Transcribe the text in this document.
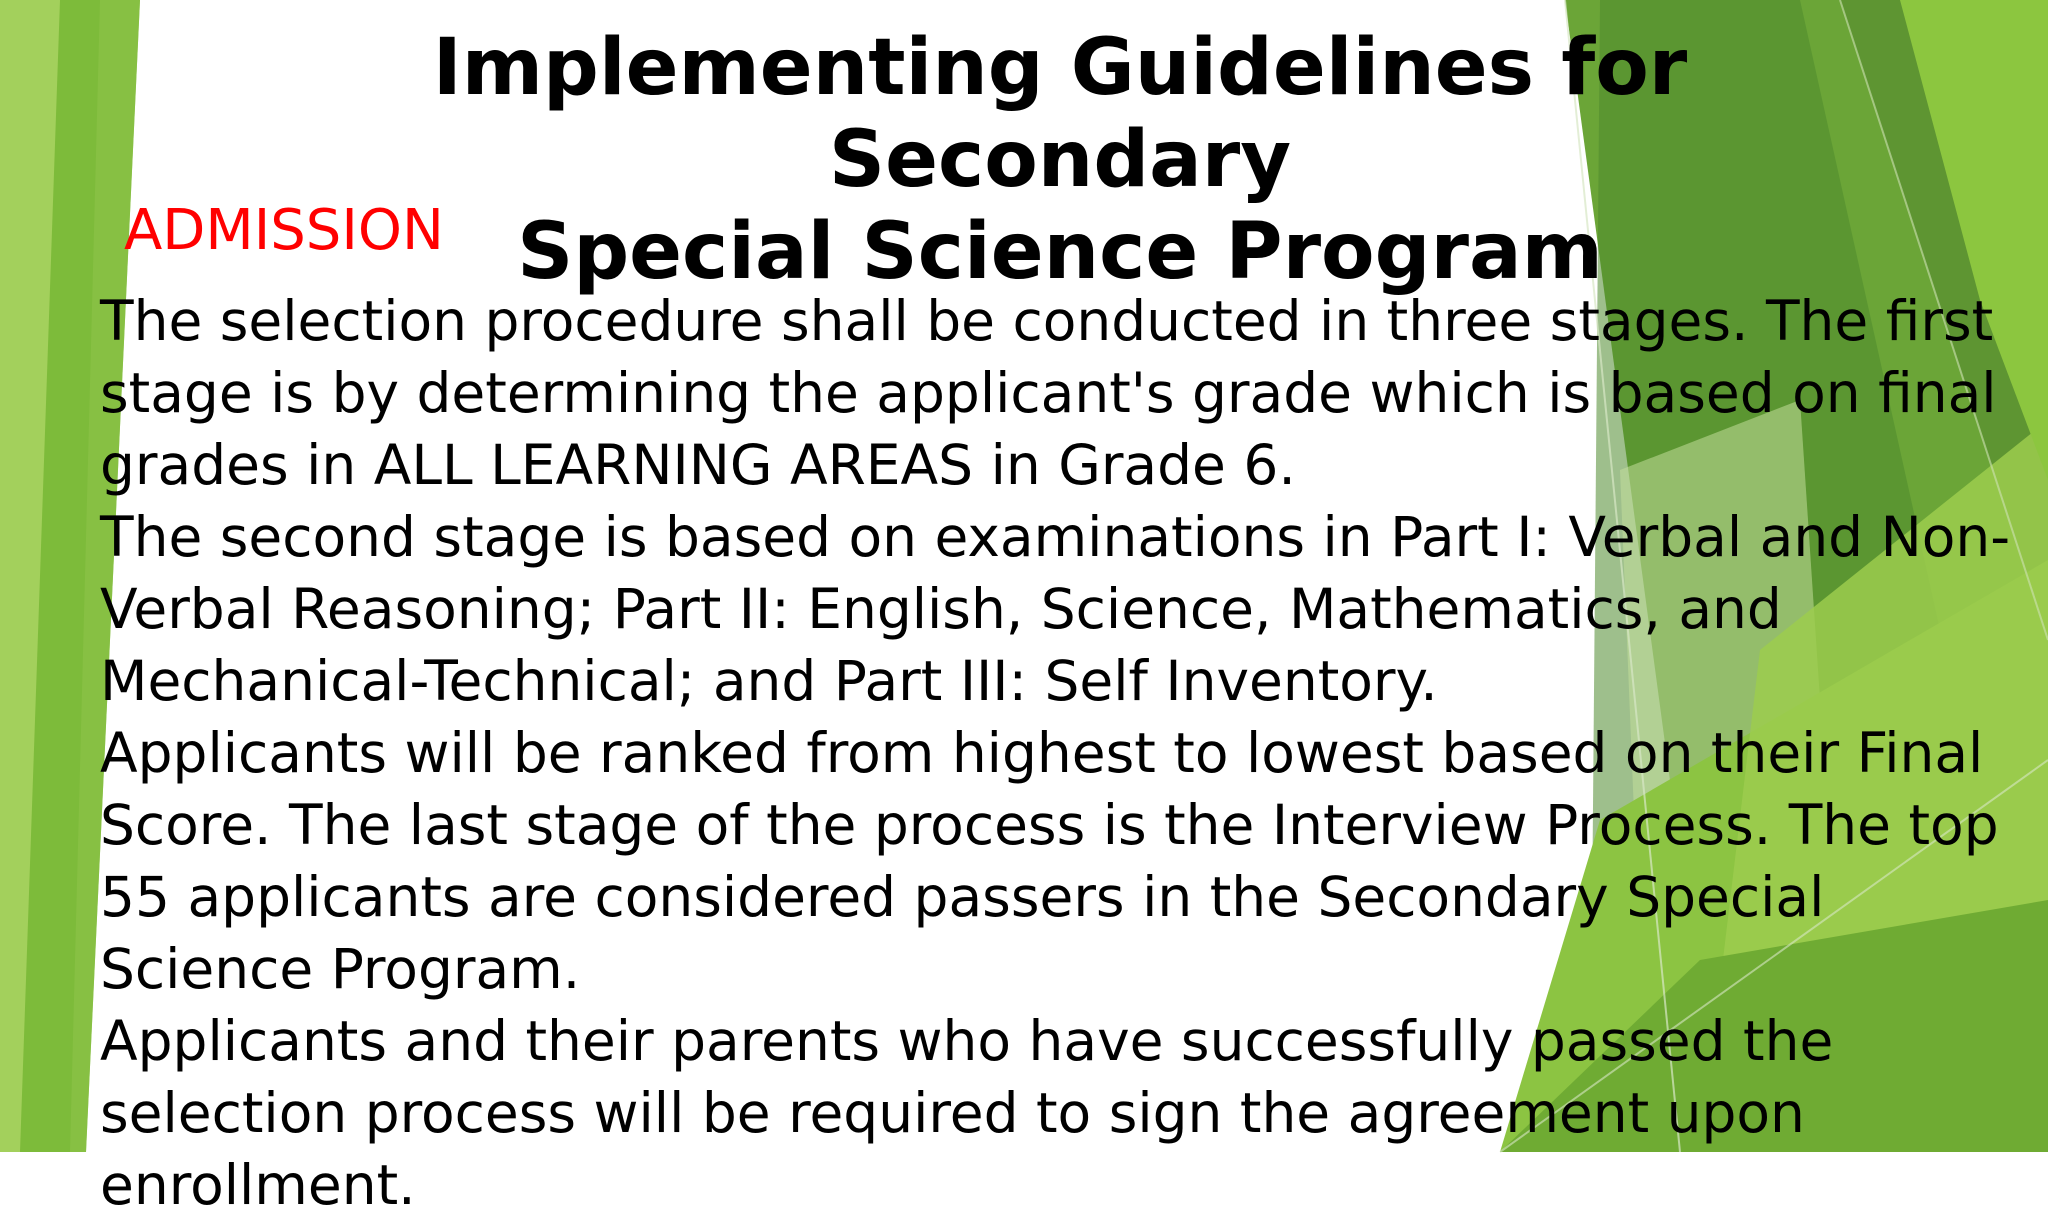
Implementing Guidelines for Secondary
Special Science Program
ADMISSION

The selection procedure shall be conducted in three stages. The first stage is by determining the applicant's grade which is based on final grades in ALL LEARNING AREAS in Grade 6.

The second stage is based on examinations in Part I: Verbal and Non-Verbal Reasoning; Part II: English, Science, Mathematics, and Mechanical-Technical; and Part III: Self Inventory.

Applicants will be ranked from highest to lowest based on their Final Score. The last stage of the process is the Interview Process. The top 55 applicants are considered passers in the Secondary Special Science Program.

Applicants and their parents who have successfully passed the selection process will be required to sign the agreement upon enrollment.
